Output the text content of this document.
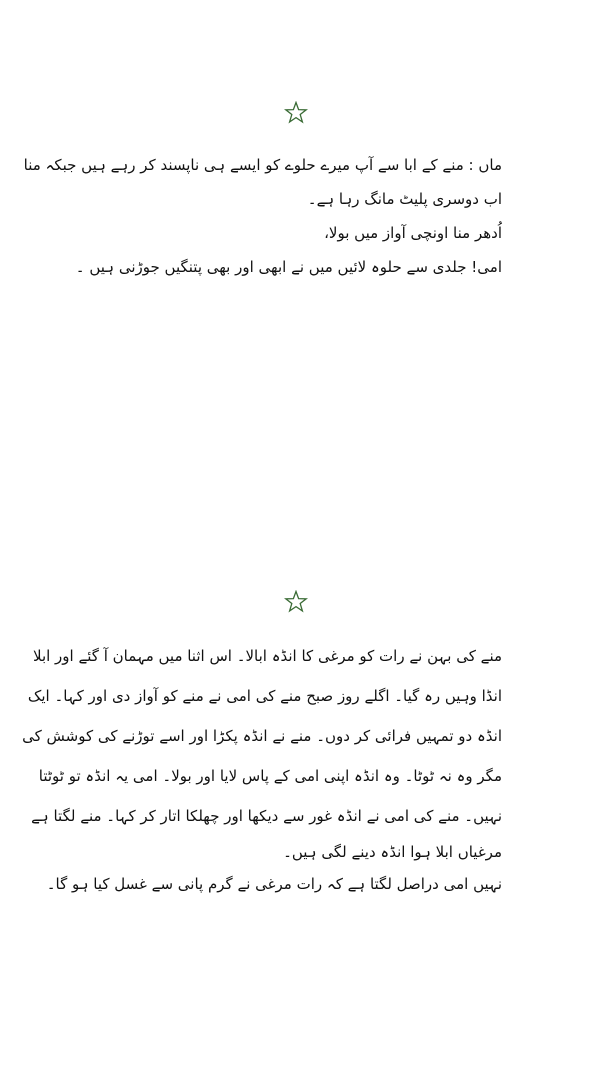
ماں : منے کے ابا سے آپ میرے حلوے کو ایسے ہی ناپسند کر رہے ہیں جبکہ منا

اب دوسری پلیٹ مانگ رہا ہے۔

اُدھر منا اونچی آواز میں بولا،

امی! جلدی سے حلوہ لائیں میں نے ابھی اور بھی پتنگیں جوڑنی ہیں ۔

منے کی بہن نے رات کو مرغی کا انڈہ ابالا۔ اس اثنا میں مہمان آ گئے اور ابلا

انڈا وہیں رہ گیا۔ اگلے روز صبح منے کی امی نے منے کو آواز دی اور کہا۔ ایک

انڈہ دو تمہیں فرائی کر دوں۔ منے نے انڈہ پکڑا اور اسے توڑنے کی کوشش کی

مگر وہ نہ ٹوٹا۔ وہ انڈہ اپنی امی کے پاس لایا اور بولا۔ امی یہ انڈہ تو ٹوٹتا

نہیں۔ منے کی امی نے انڈہ غور سے دیکھا اور چھلکا اتار کر کہا۔ منے لگتا ہے

مرغیاں ابلا ہوا انڈہ دینے لگی ہیں۔

نہیں امی دراصل لگتا ہے کہ رات مرغی نے گرم پانی سے غسل کیا ہو گا۔
